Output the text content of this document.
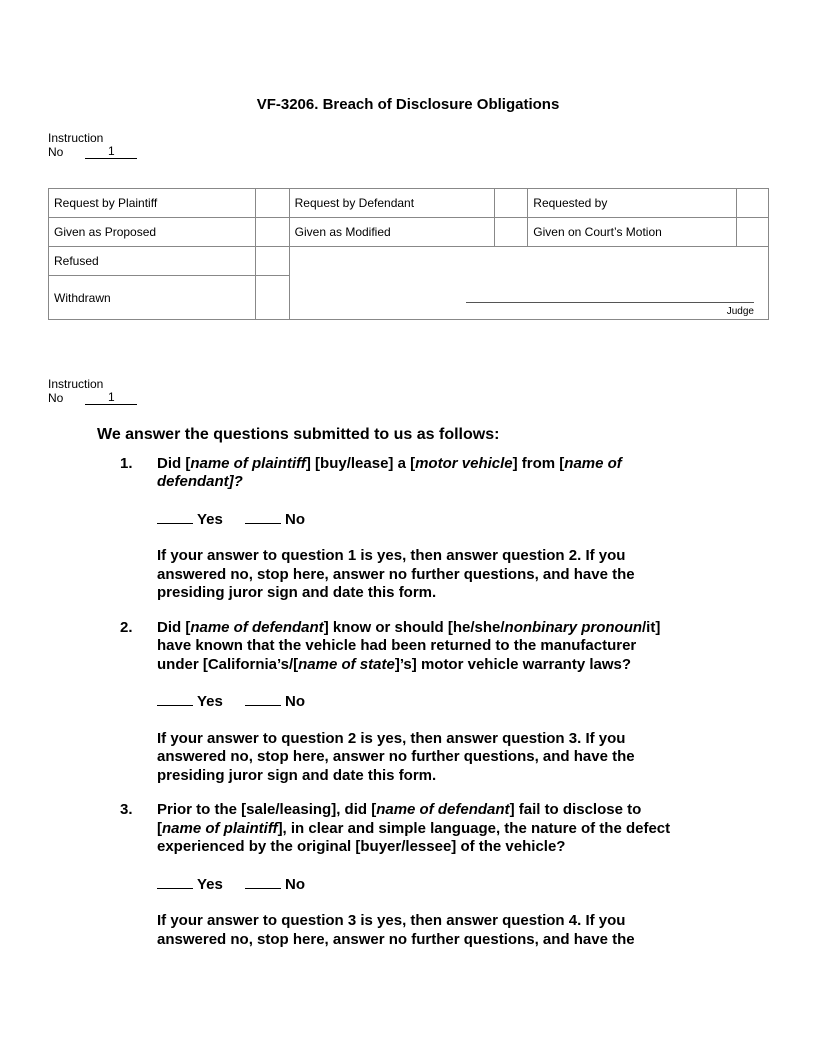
VF-3206. Breach of Disclosure Obligations
Instruction
No	1
Request by Plaintiff		Request by Defendant		Requested by	
Given as Proposed		Given as Modified		Given on Court’s Motion	
Refused		Judge			

Withdrawn					
Instruction
No	1
We answer the questions submitted to us as follows:
1. Did [name of plaintiff] [buy/lease] a [motor vehicle] from [name of
defendant]?
Yes	No
If your answer to question 1 is yes, then answer question 2. If you
answered no, stop here, answer no further questions, and have the
presiding juror sign and date this form.
2. Did [name of defendant] know or should [he/she/nonbinary pronoun/it]
have known that the vehicle had been returned to the manufacturer
under [California’s/[name of state]’s] motor vehicle warranty laws?
Yes	No
If your answer to question 2 is yes, then answer question 3. If you
answered no, stop here, answer no further questions, and have the
presiding juror sign and date this form.
3. Prior to the [sale/leasing], did [name of defendant] fail to disclose to
[name of plaintiff], in clear and simple language, the nature of the defect
experienced by the original [buyer/lessee] of the vehicle?
Yes	No
If your answer to question 3 is yes, then answer question 4. If you
answered no, stop here, answer no further questions, and have the
